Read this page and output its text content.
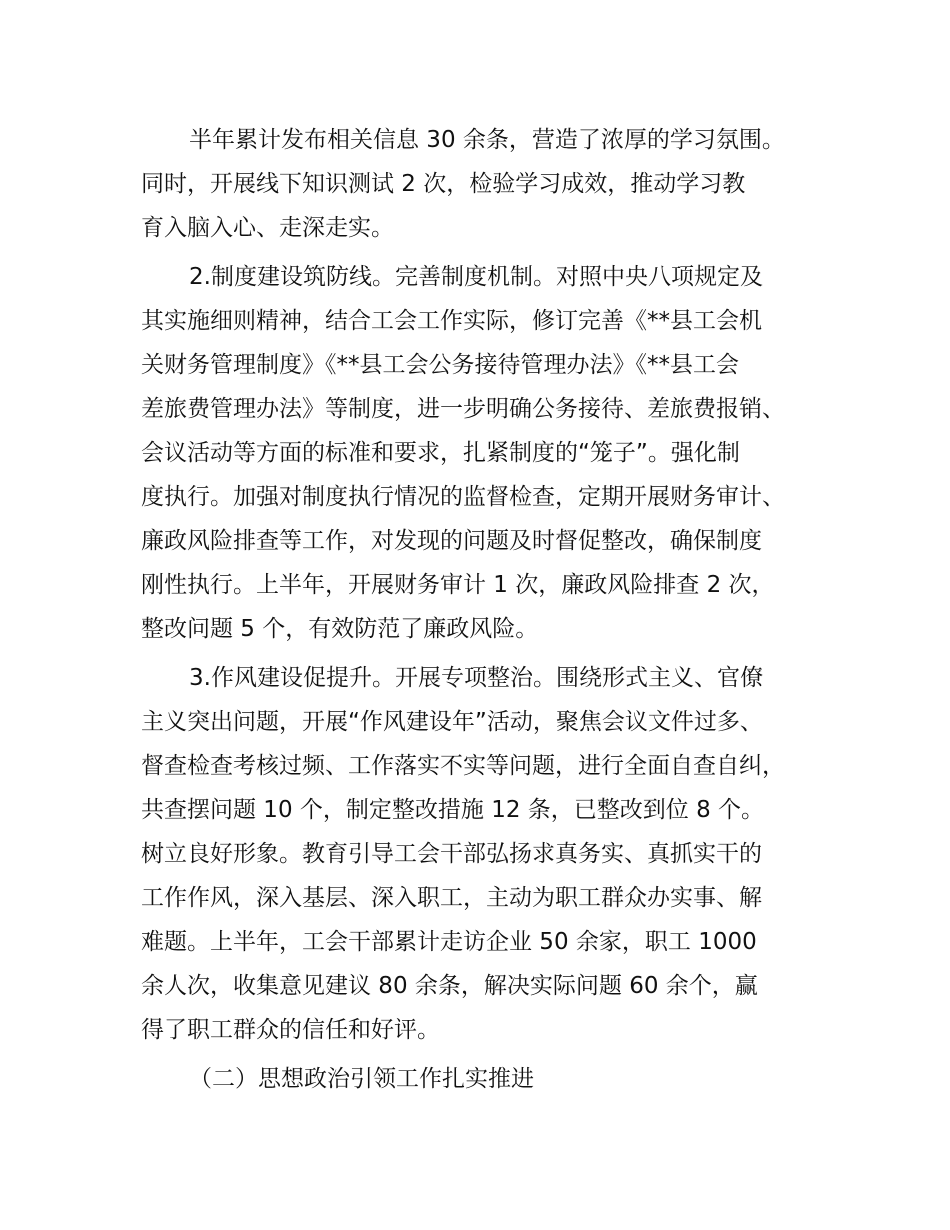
半年累计发布相关信息 30 余条，营造了浓厚的学习氛围。
同时，开展线下知识测试 2 次，检验学习成效，推动学习教
育入脑入心、走深走实。
2.制度建设筑防线。完善制度机制。对照中央八项规定及
其实施细则精神，结合工会工作实际，修订完善《**县工会机
关财务管理制度》《**县工会公务接待管理办法》《**县工会
差旅费管理办法》等制度，进一步明确公务接待、差旅费报销、
会议活动等方面的标准和要求，扎紧制度的“笼子”。强化制
度执行。加强对制度执行情况的监督检查，定期开展财务审计、
廉政风险排查等工作，对发现的问题及时督促整改，确保制度
刚性执行。上半年，开展财务审计 1 次，廉政风险排查 2 次，
整改问题 5 个，有效防范了廉政风险。
3.作风建设促提升。开展专项整治。围绕形式主义、官僚
主义突出问题，开展“作风建设年”活动，聚焦会议文件过多、
督查检查考核过频、工作落实不实等问题，进行全面自查自纠，
共查摆问题 10 个，制定整改措施 12 条，已整改到位 8 个。
树立良好形象。教育引导工会干部弘扬求真务实、真抓实干的
工作作风，深入基层、深入职工，主动为职工群众办实事、解
难题。上半年，工会干部累计走访企业 50 余家，职工 1000
余人次，收集意见建议 80 余条，解决实际问题 60 余个，赢
得了职工群众的信任和好评。
（二）思想政治引领工作扎实推进
